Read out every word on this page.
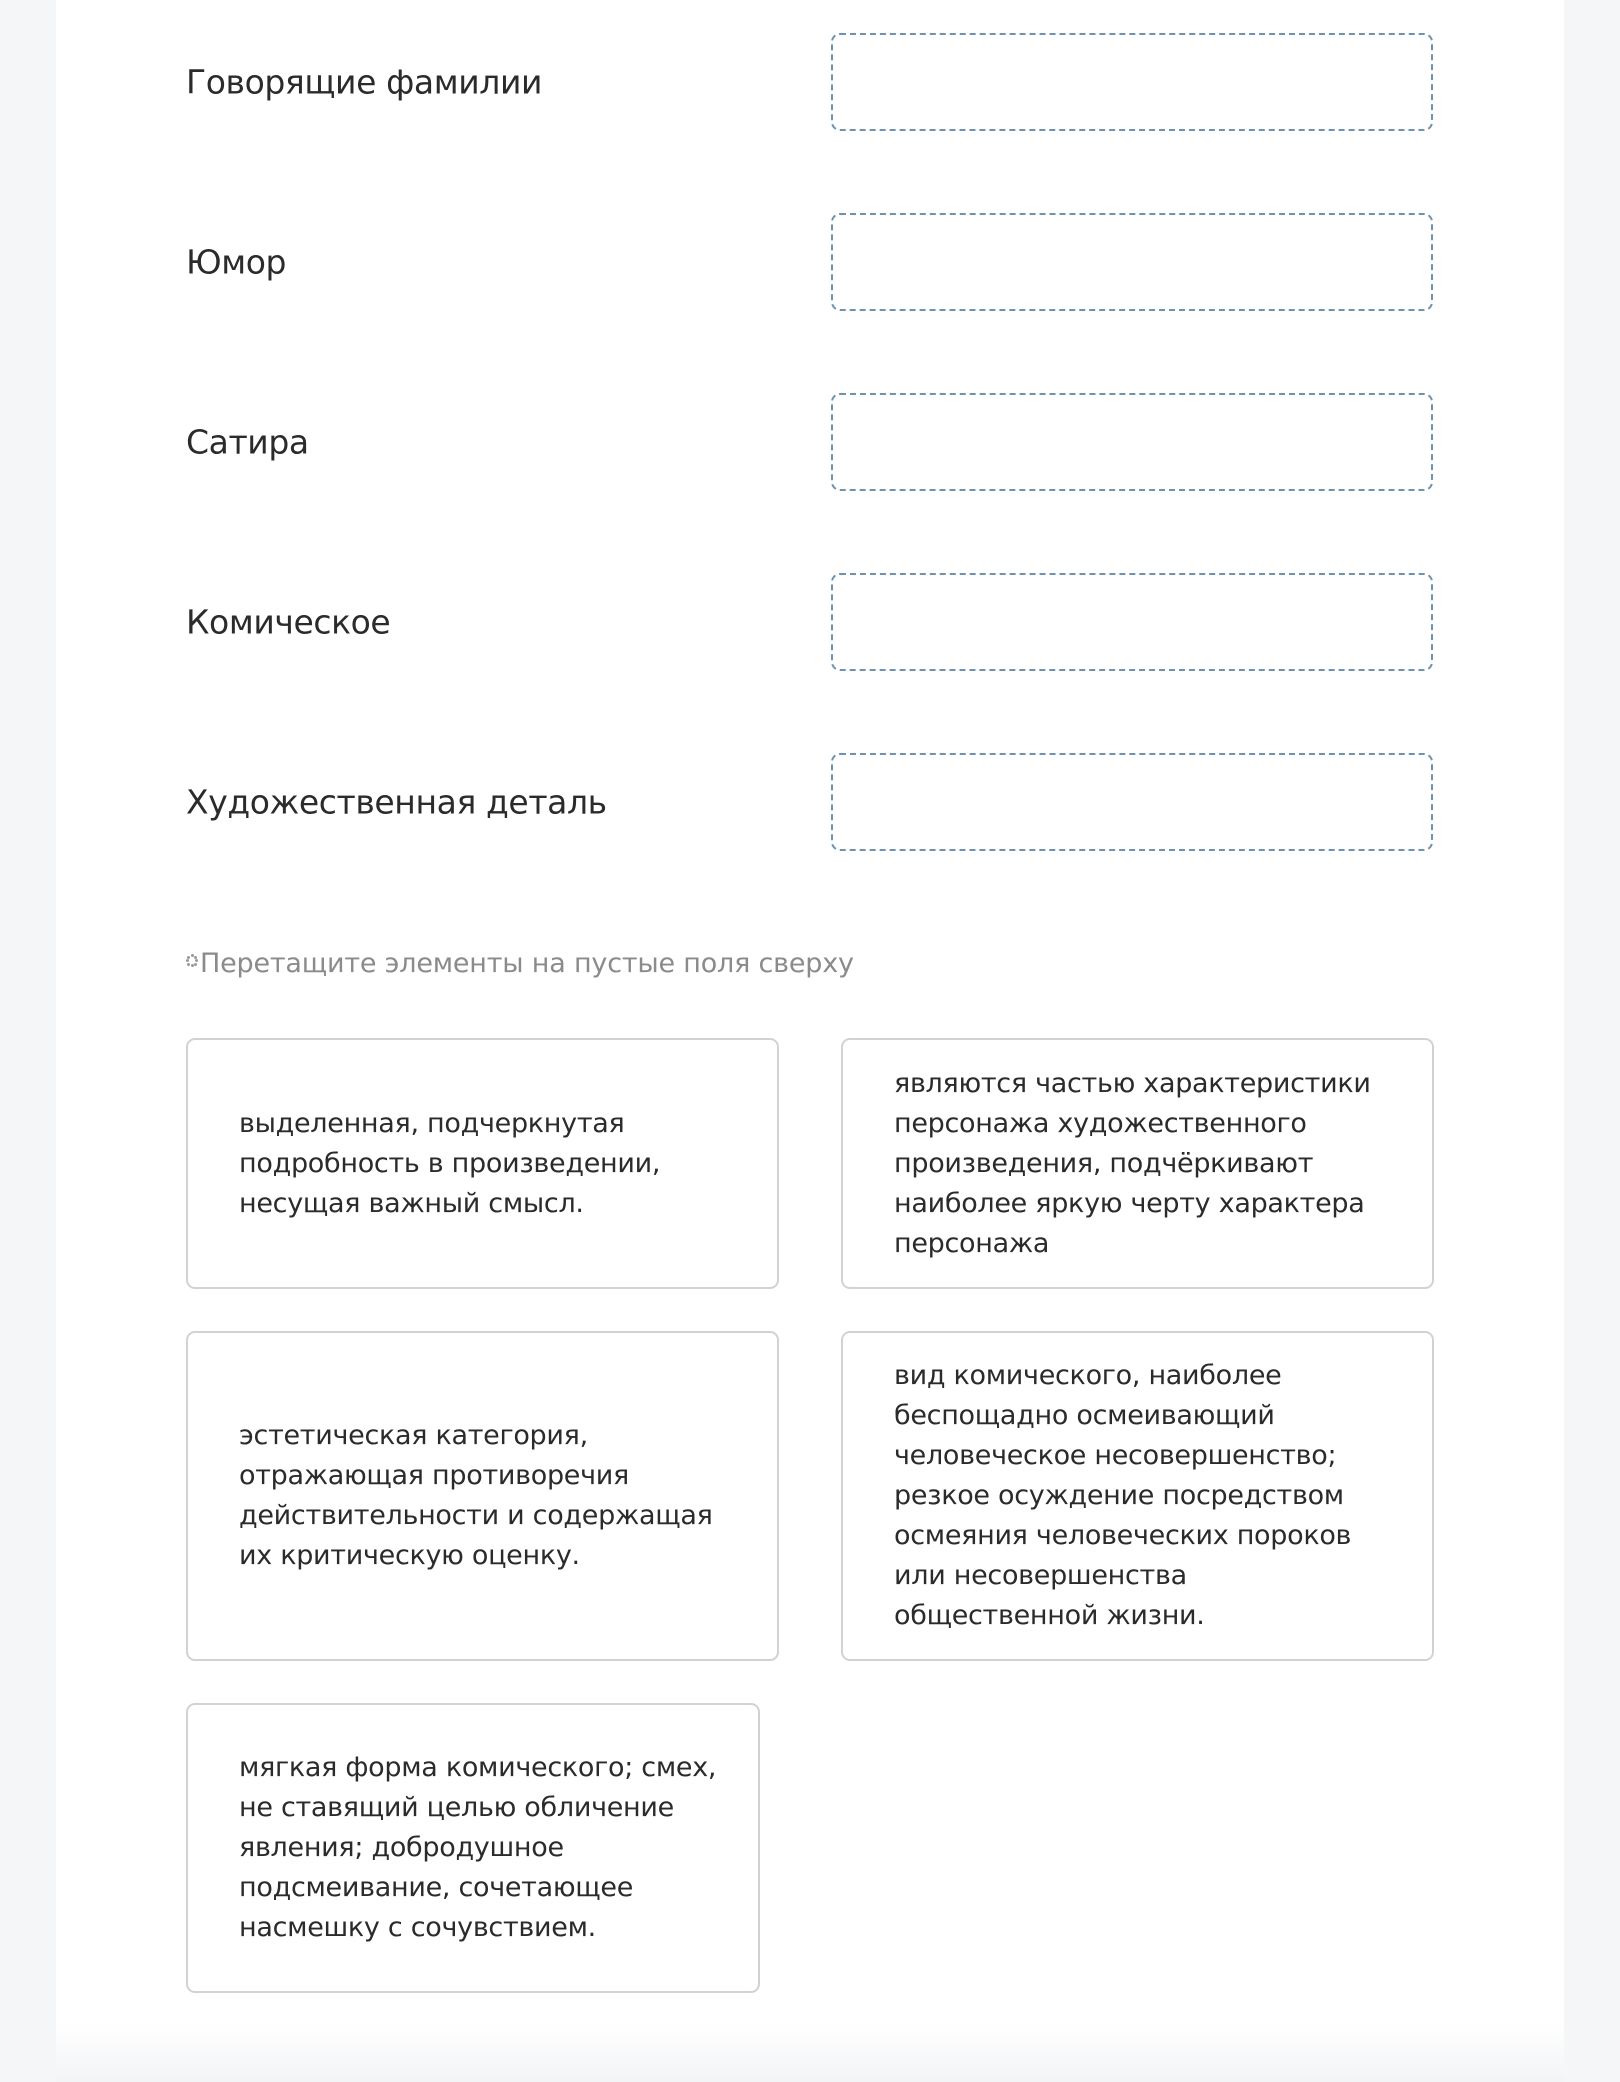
Говорящие фамилии
Юмор
Сатира
Комическое
Художественная деталь
Перетащите элементы на пустые поля сверху
выделенная, подчеркнутая подробность в произведении, несущая важный смысл.
являются частью характеристики персонажа художественного произведения, подчёркивают наиболее яркую черту характера персонажа
эстетическая категория, отражающая противоречия действительности и содержащая их критическую оценку.
вид комического, наиболее беспощадно осмеивающий человеческое несовершенство; резкое осуждение посредством осмеяния человеческих пороков или несовершенства общественной жизни.
мягкая форма комического; смех, не ставящий целью обличение явления; добродушное подсмеивание, сочетающее насмешку с сочувствием.
